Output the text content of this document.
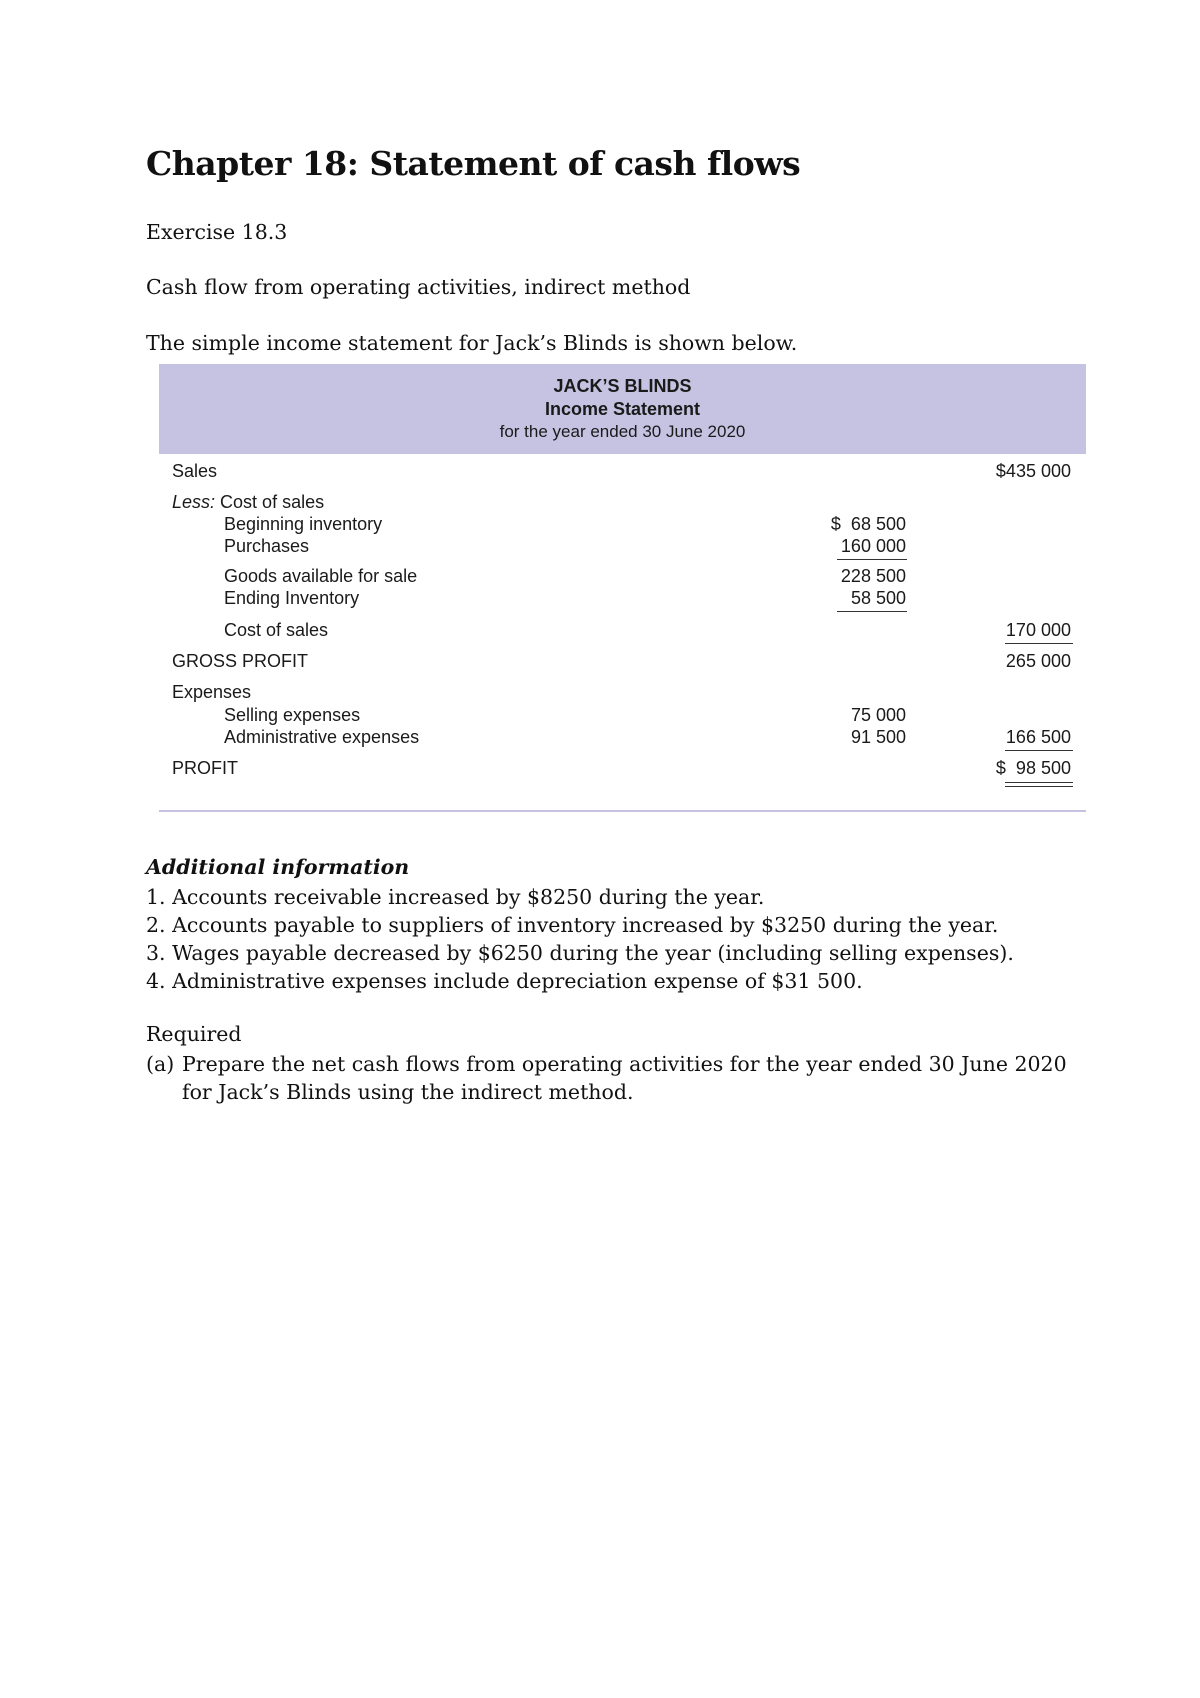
Chapter 18: Statement of cash flows

Exercise 18.3

Cash flow from operating activities, indirect method

The simple income statement for Jack’s Blinds is shown below.

JACK’S BLINDS
Income Statement
for the year ended 30 June 2020
Sales	$435 000
Less: Cost of sales
Beginning inventory	$  68 500
Purchases	160 000
Goods available for sale	228 500
Ending Inventory	58 500
Cost of sales	170 000
GROSS PROFIT	265 000
Expenses
Selling expenses	75 000
Administrative expenses	91 500	166 500
PROFIT	$  98 500

Additional information

1. Accounts receivable increased by $8250 during the year.
2. Accounts payable to suppliers of inventory increased by $3250 during the year.
3. Wages payable decreased by $6250 during the year (including selling expenses).
4. Administrative expenses include depreciation expense of $31 500.

Required

(a) Prepare the net cash flows from operating activities for the year ended 30 June 2020 for Jack’s Blinds using the indirect method.
